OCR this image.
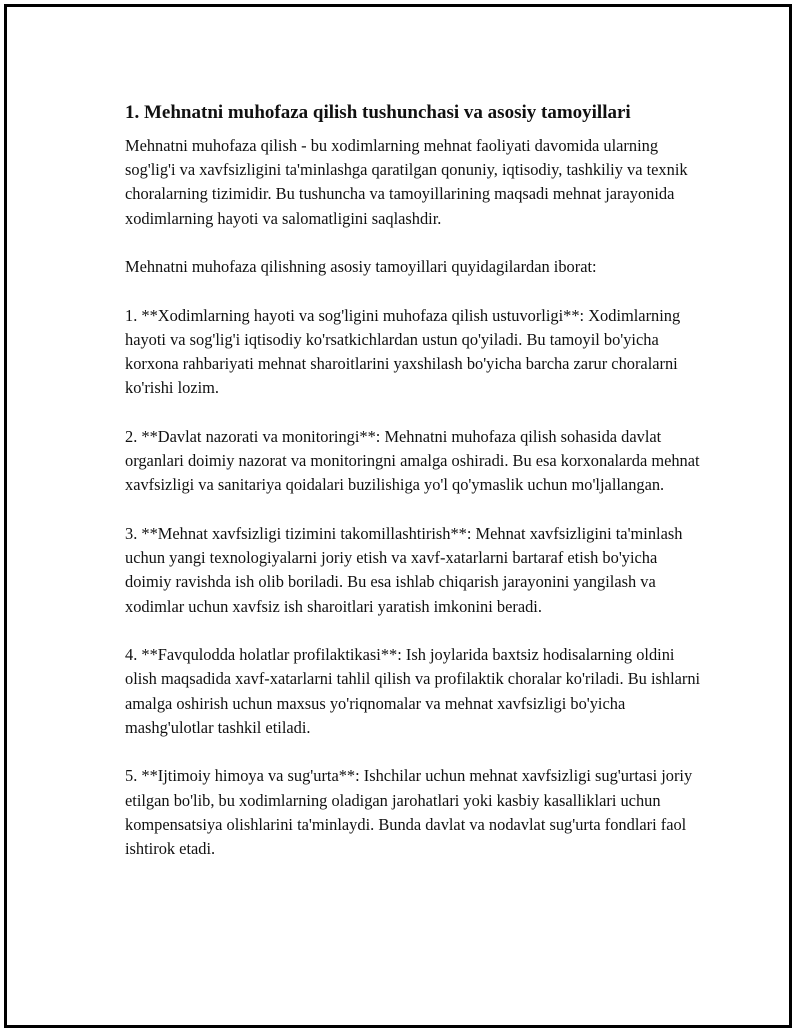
1. Mehnatni muhofaza qilish tushunchasi va asosiy tamoyillari

Mehnatni muhofaza qilish - bu xodimlarning mehnat faoliyati davomida ularning sog'lig'i va xavfsizligini ta'minlashga qaratilgan qonuniy, iqtisodiy, tashkiliy va texnik choralarning tizimidir. Bu tushuncha va tamoyillarining maqsadi mehnat jarayonida xodimlarning hayoti va salomatligini saqlashdir.

Mehnatni muhofaza qilishning asosiy tamoyillari quyidagilardan iborat:

1. **Xodimlarning hayoti va sog'ligini muhofaza qilish ustuvorligi**: Xodimlarning hayoti va sog'lig'i iqtisodiy ko'rsatkichlardan ustun qo'yiladi. Bu tamoyil bo'yicha korxona rahbariyati mehnat sharoitlarini yaxshilash bo'yicha barcha zarur choralarni ko'rishi lozim.

2. **Davlat nazorati va monitoringi**: Mehnatni muhofaza qilish sohasida davlat organlari doimiy nazorat va monitoringni amalga oshiradi. Bu esa korxonalarda mehnat xavfsizligi va sanitariya qoidalari buzilishiga yo'l qo'ymaslik uchun mo'ljallangan.

3. **Mehnat xavfsizligi tizimini takomillashtirish**: Mehnat xavfsizligini ta'minlash uchun yangi texnologiyalarni joriy etish va xavf-xatarlarni bartaraf etish bo'yicha doimiy ravishda ish olib boriladi. Bu esa ishlab chiqarish jarayonini yangilash va xodimlar uchun xavfsiz ish sharoitlari yaratish imkonini beradi.

4. **Favqulodda holatlar profilaktikasi**: Ish joylarida baxtsiz hodisalarning oldini olish maqsadida xavf-xatarlarni tahlil qilish va profilaktik choralar ko'riladi. Bu ishlarni amalga oshirish uchun maxsus yo'riqnomalar va mehnat xavfsizligi bo'yicha mashg'ulotlar tashkil etiladi.

5. **Ijtimoiy himoya va sug'urta**: Ishchilar uchun mehnat xavfsizligi sug'urtasi joriy etilgan bo'lib, bu xodimlarning oladigan jarohatlari yoki kasbiy kasalliklari uchun kompensatsiya olishlarini ta'minlaydi. Bunda davlat va nodavlat sug'urta fondlari faol ishtirok etadi.
